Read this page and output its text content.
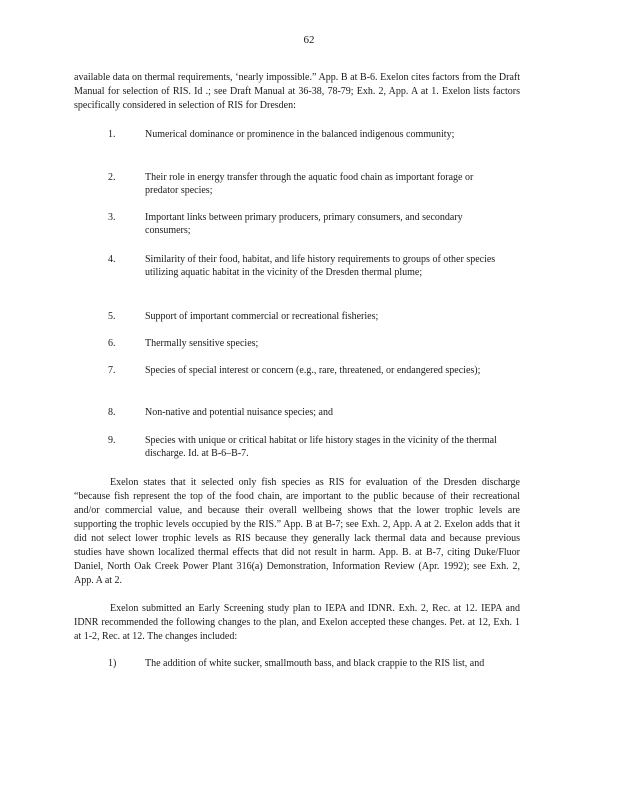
62

available data on thermal requirements, ‘nearly impossible.” App. B at B-6. Exelon cites factors from the Draft Manual for selection of RIS. Id .; see Draft Manual at 36-38, 78-79; Exh. 2, App. A at 1. Exelon lists factors specifically considered in selection of RIS for Dresden:

1.	Numerical dominance or prominence in the balanced indigenous community;
2.	Their role in energy transfer through the aquatic food chain as important forage or predator species;
3.	Important links between primary producers, primary consumers, and secondary consumers;
4.	Similarity of their food, habitat, and life history requirements to groups of other species utilizing aquatic habitat in the vicinity of the Dresden thermal plume;
5.	Support of important commercial or recreational fisheries;
6.	Thermally sensitive species;
7.	Species of special interest or concern (e.g., rare, threatened, or endangered species);
8.	Non-native and potential nuisance species; and
9.	Species with unique or critical habitat or life history stages in the vicinity of the thermal discharge. Id. at B-6–B-7.

Exelon states that it selected only fish species as RIS for evaluation of the Dresden discharge “because fish represent the top of the food chain, are important to the public because of their recreational and/or commercial value, and because their overall wellbeing shows that the lower trophic levels are supporting the trophic levels occupied by the RIS.” App. B at B-7; see Exh. 2, App. A at 2. Exelon adds that it did not select lower trophic levels as RIS because they generally lack thermal data and because previous studies have shown localized thermal effects that did not result in harm. App. B. at B-7, citing Duke/Fluor Daniel, North Oak Creek Power Plant 316(a) Demonstration, Information Review (Apr. 1992); see Exh. 2, App. A at 2.

Exelon submitted an Early Screening study plan to IEPA and IDNR. Exh. 2, Rec. at 12. IEPA and IDNR recommended the following changes to the plan, and Exelon accepted these changes. Pet. at 12, Exh. 1 at 1-2, Rec. at 12. The changes included:

1)	The addition of white sucker, smallmouth bass, and black crappie to the RIS list, and
